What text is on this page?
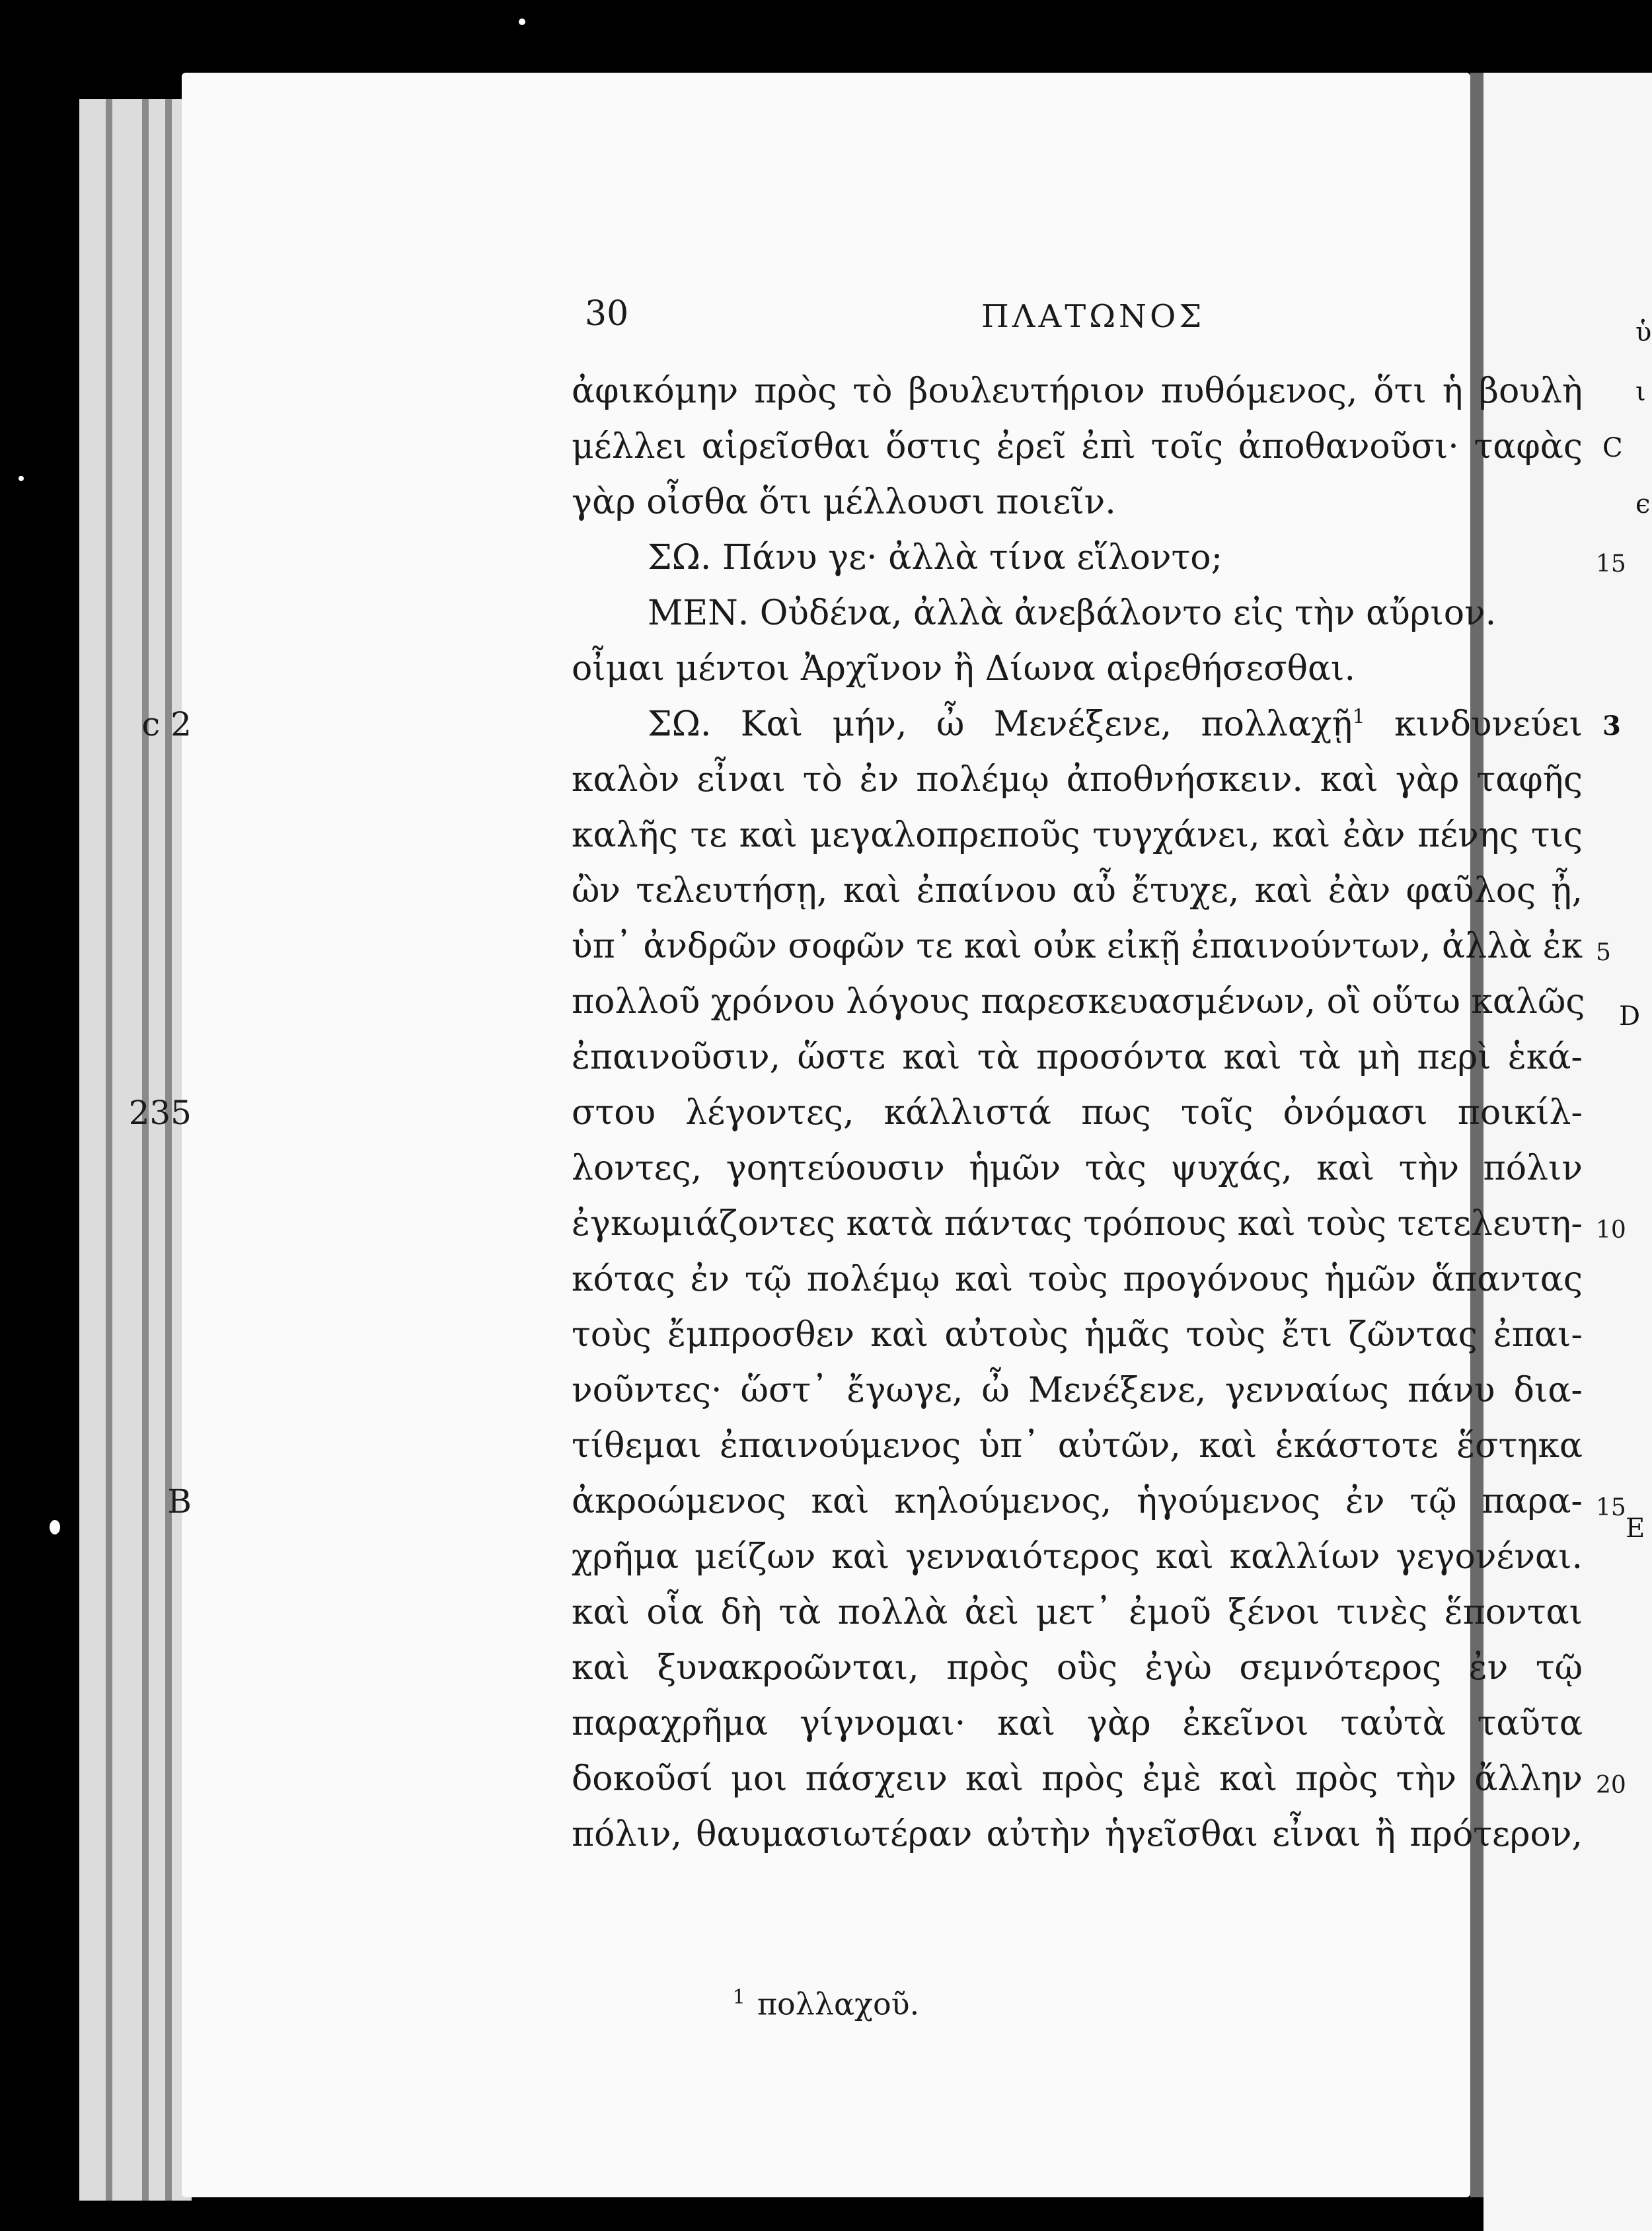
ὑ
ι
C
ϵ
3
D
E
30	ΠΛΑΤΩΝΟΣ
ἀφικόμην πρὸς τὸ βουλευτήριον πυθόμενος, ὅτι ἡ βουλὴ
μέλλει αἱρεῖσθαι ὅστις ἐρεῖ ἐπὶ τοῖς ἀποθανοῦσι· ταφὰς
γὰρ οἶσθα ὅτι μέλλουσι ποιεῖν.
ΣΩ. Πάνυ γε· ἀλλὰ τίνα εἵλοντο;	15
ΜΕΝ. Οὐδένα, ἀλλὰ ἀνεβάλοντο εἰς τὴν αὔριον.
οἶμαι μέντοι Ἀρχῖνον ἢ Δίωνα αἱρεθήσεσθαι.
c 2	ΣΩ. Καὶ μήν, ὦ Μενέξενε, πολλαχῇ$^1$ κινδυνεύει
καλὸν εἶναι τὸ ἐν πολέμῳ ἀποθνήσκειν. καὶ γὰρ ταφῆς
καλῆς τε καὶ μεγαλοπρεποῦς τυγχάνει, καὶ ἐὰν πένης τις
ὢν τελευτήσῃ, καὶ ἐπαίνου αὖ ἔτυχε, καὶ ἐὰν φαῦλος ᾖ,
ὑπ᾽ ἀνδρῶν σοφῶν τε καὶ οὐκ εἰκῇ ἐπαινούντων, ἀλλὰ ἐκ 5
πολλοῦ χρόνου λόγους παρεσκευασμένων, οἳ οὕτω καλῶς
ἐπαινοῦσιν, ὥστε καὶ τὰ προσόντα καὶ τὰ μὴ περὶ ἑκά-
235	στου λέγοντες, κάλλιστά πως τοῖς ὀνόμασι ποικίλ-
λοντες, γοητεύουσιν ἡμῶν τὰς ψυχάς, καὶ τὴν πόλιν
ἐγκωμιάζοντες κατὰ πάντας τρόπους καὶ τοὺς τετελευτη- 10
κότας ἐν τῷ πολέμῳ καὶ τοὺς προγόνους ἡμῶν ἅπαντας
τοὺς ἔμπροσθεν καὶ αὐτοὺς ἡμᾶς τοὺς ἔτι ζῶντας ἐπαι-
νοῦντες· ὥστ᾽ ἔγωγε, ὦ Μενέξενε, γενναίως πάνυ δια-
τίθεμαι ἐπαινούμενος ὑπ᾽ αὐτῶν, καὶ ἑκάστοτε ἕστηκα
B	ἀκροώμενος καὶ κηλούμενος, ἡγούμενος ἐν τῷ παρα- 15
χρῆμα μείζων καὶ γενναιότερος καὶ καλλίων γεγονέναι.
καὶ οἷα δὴ τὰ πολλὰ ἀεὶ μετ᾽ ἐμοῦ ξένοι τινὲς ἕπονται
καὶ ξυνακροῶνται, πρὸς οὓς ἐγὼ σεμνότερος ἐν τῷ
παραχρῆμα γίγνομαι· καὶ γὰρ ἐκεῖνοι ταὐτὰ ταῦτα
δοκοῦσί μοι πάσχειν καὶ πρὸς ἐμὲ καὶ πρὸς τὴν ἄλλην 20
πόλιν, θαυμασιωτέραν αὐτὴν ἡγεῖσθαι εἶναι ἢ πρότερον,
$^1$ πολλαχοῦ.
